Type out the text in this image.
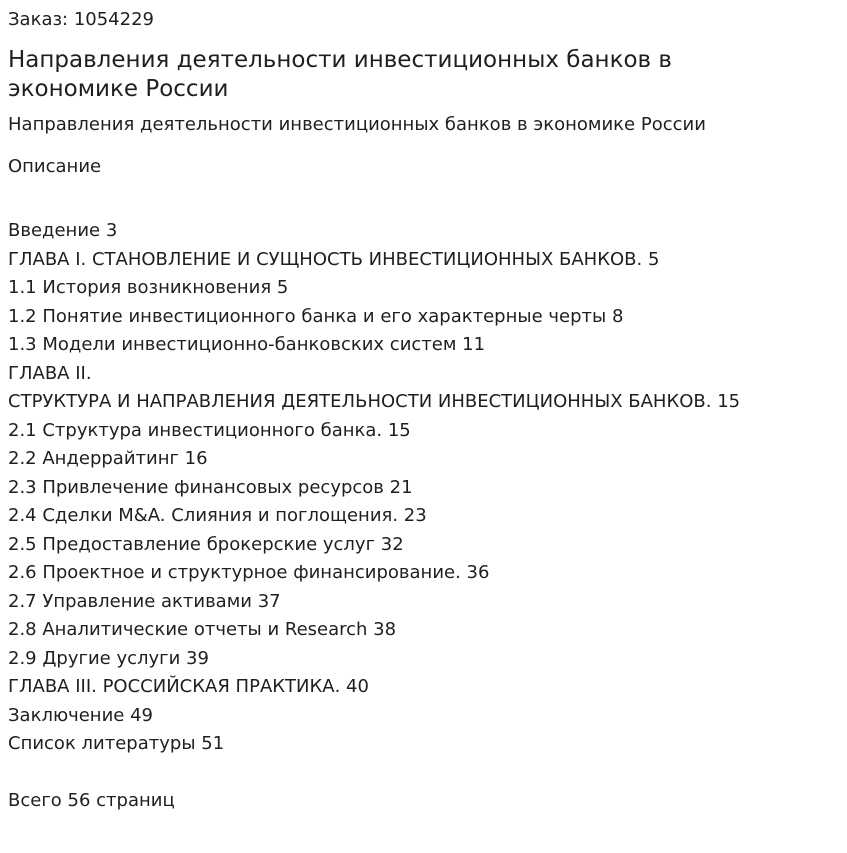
Заказ: 1054229

Направления деятельности инвестиционных банков в экономике России

Направления деятельности инвестиционных банков в экономике России

Описание

Введение 3
ГЛАВА I. СТАНОВЛЕНИЕ И СУЩНОСТЬ ИНВЕСТИЦИОННЫХ БАНКОВ. 5
1.1 История возникновения 5
1.2 Понятие инвестиционного банка и его характерные черты 8
1.3 Модели инвестиционно-банковских систем 11
ГЛАВА II.
СТРУКТУРА И НАПРАВЛЕНИЯ ДЕЯТЕЛЬНОСТИ ИНВЕСТИЦИОННЫХ БАНКОВ. 15
2.1 Структура инвестиционного банка. 15
2.2 Андеррайтинг 16
2.3 Привлечение финансовых ресурсов 21
2.4 Сделки M&A. Слияния и поглощения. 23
2.5 Предоставление брокерские услуг 32
2.6 Проектное и структурное финансирование. 36
2.7 Управление активами 37
2.8 Аналитические отчеты и Research 38
2.9 Другие услуги 39
ГЛАВА III. РОССИЙСКАЯ ПРАКТИКА. 40
Заключение 49
Список литературы 51

Всего 56 страниц
